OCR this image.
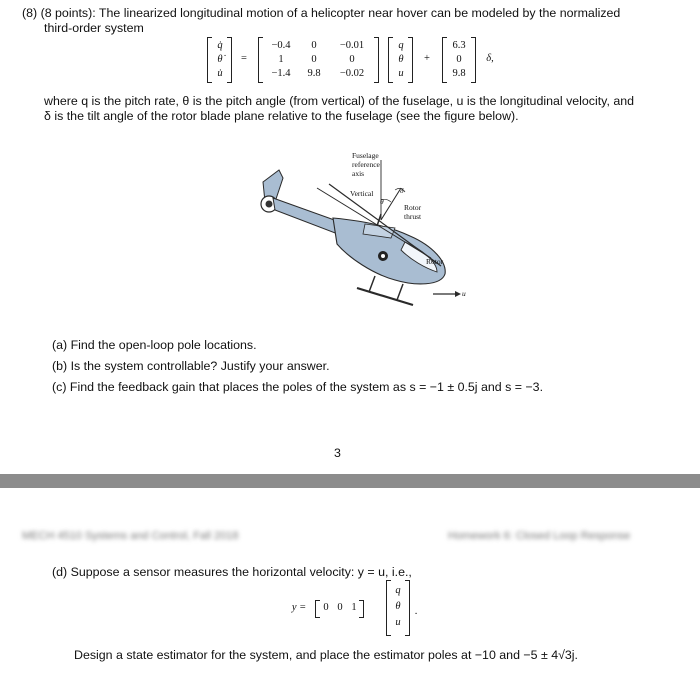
(8) (8 points): The linearized longitudinal motion of a helicopter near hover can be modeled by the normalized
third-order system
q̇
θ̇
u̇
=
−0.4	0	−0.01
1	0	0
−1.4	9.8	−0.02
q
θ
u
+
6.3
0
9.8
δ,
where q is the pitch rate, θ is the pitch angle (from vertical) of the fuselage, u is the longitudinal velocity, and
δ is the tilt angle of the rotor blade plane relative to the fuselage (see the figure below).
Fuselage
reference
axis
Vertical	δ
θ
Rotor
thrust
Rotor
u
(a) Find the open-loop pole locations.
(b) Is the system controllable? Justify your answer.
(c) Find the feedback gain that places the poles of the system as s = −1 ± 0.5j and s = −3.
3
MECH 4510 Systems and Control, Fall 2018	Homework 6: Closed Loop Response
(d) Suppose a sensor measures the horizontal velocity: y = u, i.e.,
y =	0 0 1
q
θ
u
.
Design a state estimator for the system, and place the estimator poles at −10 and −5 ± 4√3j.
